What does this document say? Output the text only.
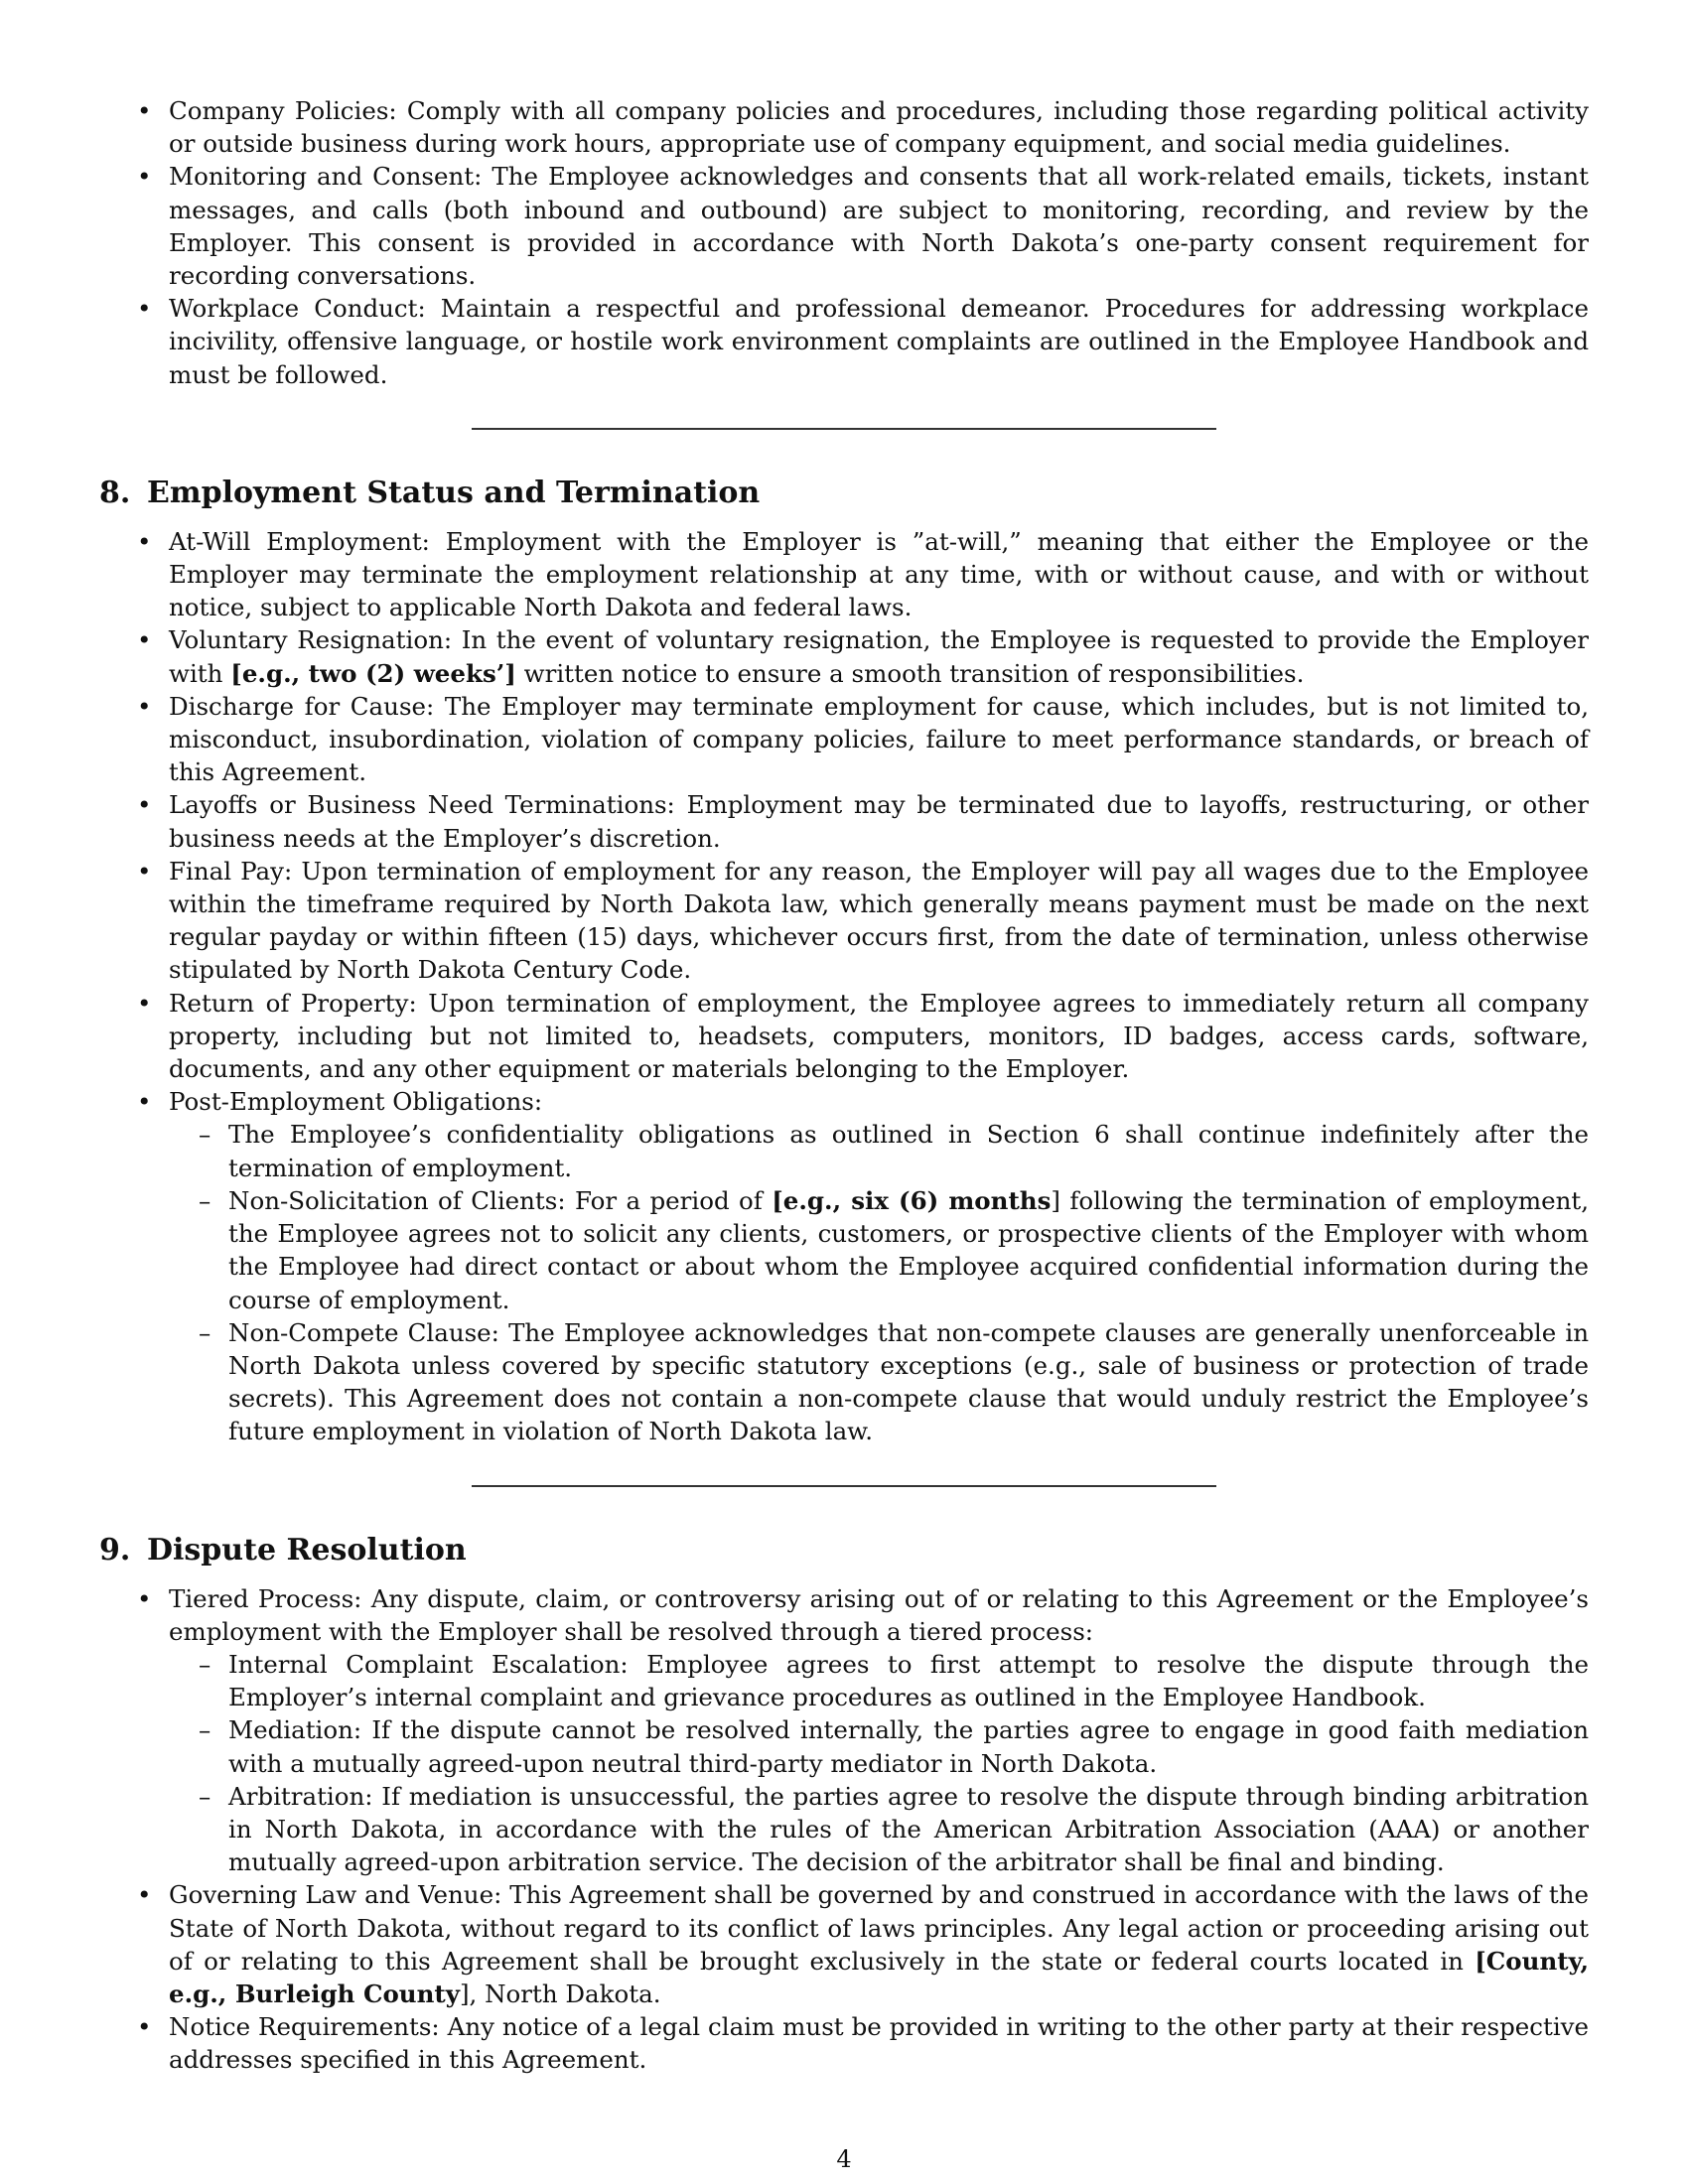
• Company Policies: Comply with all company policies and procedures, including those regarding political activity or outside business during work hours, appropriate use of company equipment, and social media guidelines.
• Monitoring and Consent: The Employee acknowledges and consents that all work-related emails, tickets, instant messages, and calls (both inbound and outbound) are subject to monitoring, recording, and review by the Employer. This consent is provided in accordance with North Dakota’s one-party consent requirement for recording conversations.
• Workplace Conduct: Maintain a respectful and professional demeanor. Procedures for addressing workplace incivility, offensive language, or hostile work environment complaints are outlined in the Employee Handbook and must be followed.
8. Employment Status and Termination
• At-Will Employment: Employment with the Employer is ”at-will,” meaning that either the Employee or the Employer may terminate the employment relationship at any time, with or without cause, and with or without notice, subject to applicable North Dakota and federal laws.
• Voluntary Resignation: In the event of voluntary resignation, the Employee is requested to provide the Employer with [e.g., two (2) weeks’] written notice to ensure a smooth transition of responsibilities.
• Discharge for Cause: The Employer may terminate employment for cause, which includes, but is not limited to, misconduct, insubordination, violation of company policies, failure to meet performance standards, or breach of this Agreement.
• Layoffs or Business Need Terminations: Employment may be terminated due to layoffs, restructuring, or other business needs at the Employer’s discretion.
• Final Pay: Upon termination of employment for any reason, the Employer will pay all wages due to the Employee within the timeframe required by North Dakota law, which generally means payment must be made on the next regular payday or within fifteen (15) days, whichever occurs first, from the date of termination, unless otherwise stipulated by North Dakota Century Code.
• Return of Property: Upon termination of employment, the Employee agrees to immediately return all company property, including but not limited to, headsets, computers, monitors, ID badges, access cards, software, documents, and any other equipment or materials belonging to the Employer.
• Post-Employment Obligations:
– The Employee’s confidentiality obligations as outlined in Section 6 shall continue indefinitely after the termination of employment.
– Non-Solicitation of Clients: For a period of [e.g., six (6) months] following the termination of employment, the Employee agrees not to solicit any clients, customers, or prospective clients of the Employer with whom the Employee had direct contact or about whom the Employee acquired confidential information during the course of employment.
– Non-Compete Clause: The Employee acknowledges that non-compete clauses are generally unenforceable in North Dakota unless covered by specific statutory exceptions (e.g., sale of business or protection of trade secrets). This Agreement does not contain a non-compete clause that would unduly restrict the Employee’s future employment in violation of North Dakota law.
9. Dispute Resolution
• Tiered Process: Any dispute, claim, or controversy arising out of or relating to this Agreement or the Employee’s employment with the Employer shall be resolved through a tiered process:
– Internal Complaint Escalation: Employee agrees to first attempt to resolve the dispute through the Employer’s internal complaint and grievance procedures as outlined in the Employee Handbook.
– Mediation: If the dispute cannot be resolved internally, the parties agree to engage in good faith mediation with a mutually agreed-upon neutral third-party mediator in North Dakota.
– Arbitration: If mediation is unsuccessful, the parties agree to resolve the dispute through binding arbitration in North Dakota, in accordance with the rules of the American Arbitration Association (AAA) or another mutually agreed-upon arbitration service. The decision of the arbitrator shall be final and binding.
• Governing Law and Venue: This Agreement shall be governed by and construed in accordance with the laws of the State of North Dakota, without regard to its conflict of laws principles. Any legal action or proceeding arising out of or relating to this Agreement shall be brought exclusively in the state or federal courts located in [County, e.g., Burleigh County], North Dakota.
• Notice Requirements: Any notice of a legal claim must be provided in writing to the other party at their respective addresses specified in this Agreement.
4
